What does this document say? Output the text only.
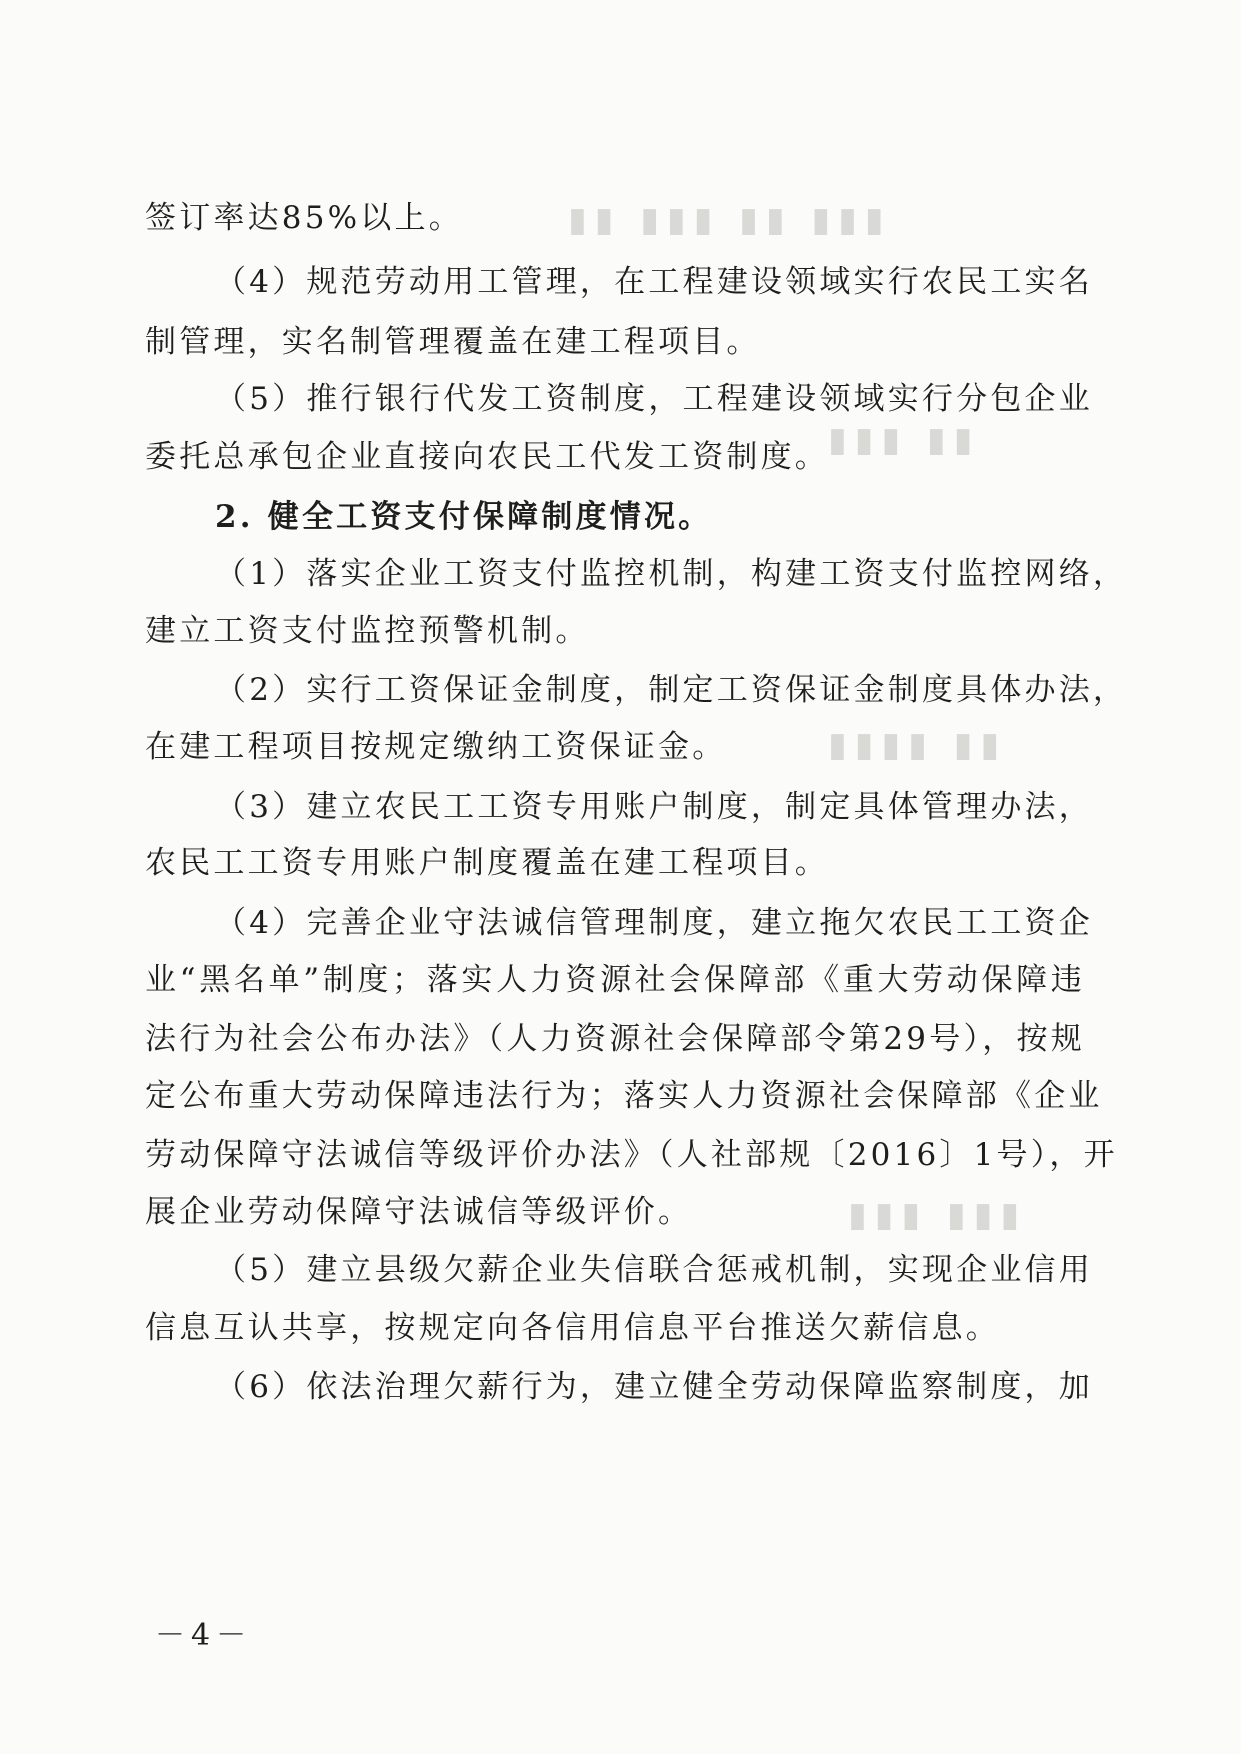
▮▮▮ ▮▮ ▮▮▮ ▮▮
▮▮ ▮▮▮
▮▮ ▮▮▮▮
▮▮▮ ▮▮▮
签订率达85%以上。
（4）规范劳动用工管理，在工程建设领域实行农民工实名
制管理，实名制管理覆盖在建工程项目。
（5）推行银行代发工资制度，工程建设领域实行分包企业
委托总承包企业直接向农民工代发工资制度。
2. 健全工资支付保障制度情况。
（1）落实企业工资支付监控机制，构建工资支付监控网络，
建立工资支付监控预警机制。
（2）实行工资保证金制度，制定工资保证金制度具体办法，
在建工程项目按规定缴纳工资保证金。
（3）建立农民工工资专用账户制度，制定具体管理办法，
农民工工资专用账户制度覆盖在建工程项目。
（4）完善企业守法诚信管理制度，建立拖欠农民工工资企
业“黑名单”制度；落实人力资源社会保障部《重大劳动保障违
法行为社会公布办法》（人力资源社会保障部令第29号），按规
定公布重大劳动保障违法行为；落实人力资源社会保障部《企业
劳动保障守法诚信等级评价办法》（人社部规〔2016〕1号），开
展企业劳动保障守法诚信等级评价。
（5）建立县级欠薪企业失信联合惩戒机制，实现企业信用
信息互认共享，按规定向各信用信息平台推送欠薪信息。
（6）依法治理欠薪行为，建立健全劳动保障监察制度，加
－4－
